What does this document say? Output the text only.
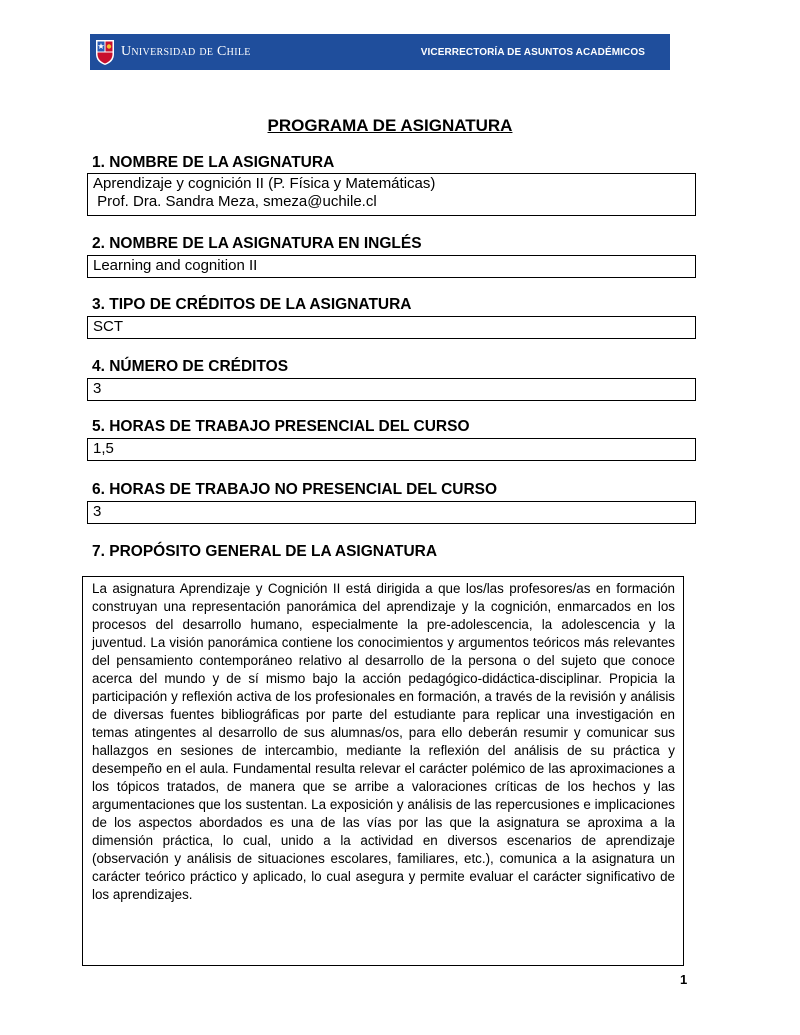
Universidad de Chile	VICERRECTORÍA DE ASUNTOS ACADÉMICOS
PROGRAMA DE ASIGNATURA
1. NOMBRE DE LA ASIGNATURA
Aprendizaje y cognición II (P. Física y Matemáticas)
Prof. Dra. Sandra Meza, smeza@uchile.cl
2. NOMBRE DE LA ASIGNATURA EN INGLÉS
Learning and cognition II
3. TIPO DE CRÉDITOS DE LA ASIGNATURA
SCT
4. NÚMERO DE CRÉDITOS
3
5. HORAS DE TRABAJO PRESENCIAL DEL CURSO
1,5
6. HORAS DE TRABAJO NO PRESENCIAL DEL CURSO
3
7. PROPÓSITO GENERAL DE LA ASIGNATURA

La asignatura Aprendizaje y Cognición II está dirigida a que los/las profesores/as en formación construyan una representación panorámica del aprendizaje y la cognición, enmarcados en los procesos del desarrollo humano, especialmente la pre-adolescencia, la adolescencia y la juventud. La visión panorámica contiene los conocimientos y argumentos teóricos más relevantes del pensamiento contemporáneo relativo al desarrollo de la persona o del sujeto que conoce acerca del mundo y de sí mismo bajo la acción pedagógico-didáctica-disciplinar. Propicia la participación y reflexión activa de los profesionales en formación, a través de la revisión y análisis de diversas fuentes bibliográficas por parte del estudiante para replicar una investigación en temas atingentes al desarrollo de sus alumnas/os, para ello deberán resumir y comunicar sus hallazgos en sesiones de intercambio, mediante la reflexión del análisis de su práctica y desempeño en el aula. Fundamental resulta relevar el carácter polémico de las aproximaciones a los tópicos tratados, de manera que se arribe a valoraciones críticas de los hechos y las argumentaciones que los sustentan. La exposición y análisis de las repercusiones e implicaciones de los aspectos abordados es una de las vías por las que la asignatura se aproxima a la dimensión práctica, lo cual, unido a la actividad en diversos escenarios de aprendizaje (observación y análisis de situaciones escolares, familiares, etc.), comunica a la asignatura un carácter teórico práctico y aplicado, lo cual asegura y permite evaluar el carácter significativo de los aprendizajes.

1
